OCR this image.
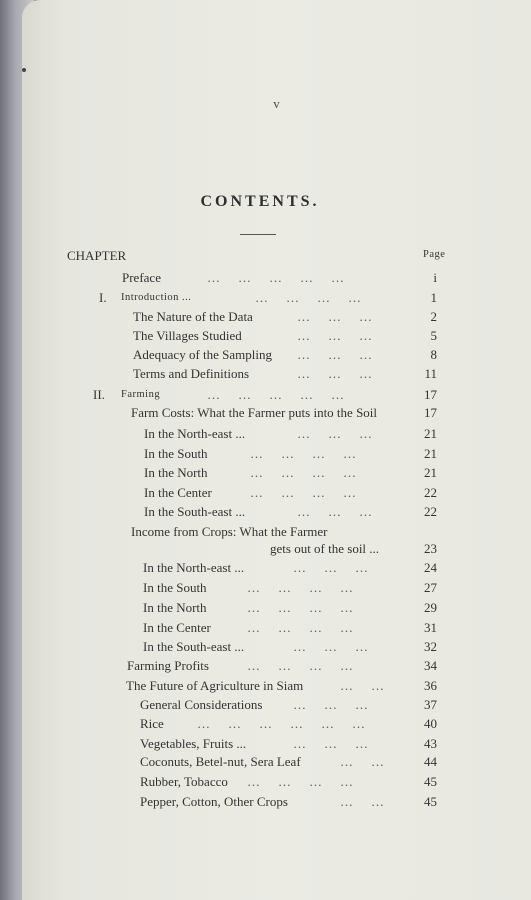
v
CONTENTS.
CHAPTER	Page
Preface	…    …    …    …    …	i
I. Introduction ...	…    …    …    …	1
The Nature of the Data	…    …    …	2
The Villages Studied	…    …    …	5
Adequacy of the Sampling …    …    …	8
Terms and Definitions	…    …    …	11
II. Farming	…    …    …    …    …	17
Farm Costs: What the Farmer puts into the Soil	17
In the North-east ...	…    …    …	21
In the South	…    …    …    …	21
In the North	…    …    …    …	21
In the Center	…    …    …    …	22
In the South-east ...	…    …    …	22
Income from Crops: What the Farmer
gets out of the soil ...	23
In the North-east ...	…    …    …	24
In the South	…    …    …    …	27
In the North	…    …    …    …	29
In the Center	…    …    …    …	31
In the South-east ...	…    …    …	32
Farming Profits	…    …    …    …	34
The Future of Agriculture in Siam	…    …	36
General Considerations …    …    …	37
Rice	…    …    …    …    …    …	40
Vegetables, Fruits ...	…    …    …	43
Coconuts, Betel-nut, Sera Leaf	…    …	44
Rubber, Tobacco …    …    …    …	45
Pepper, Cotton, Other Crops	…    …	45
